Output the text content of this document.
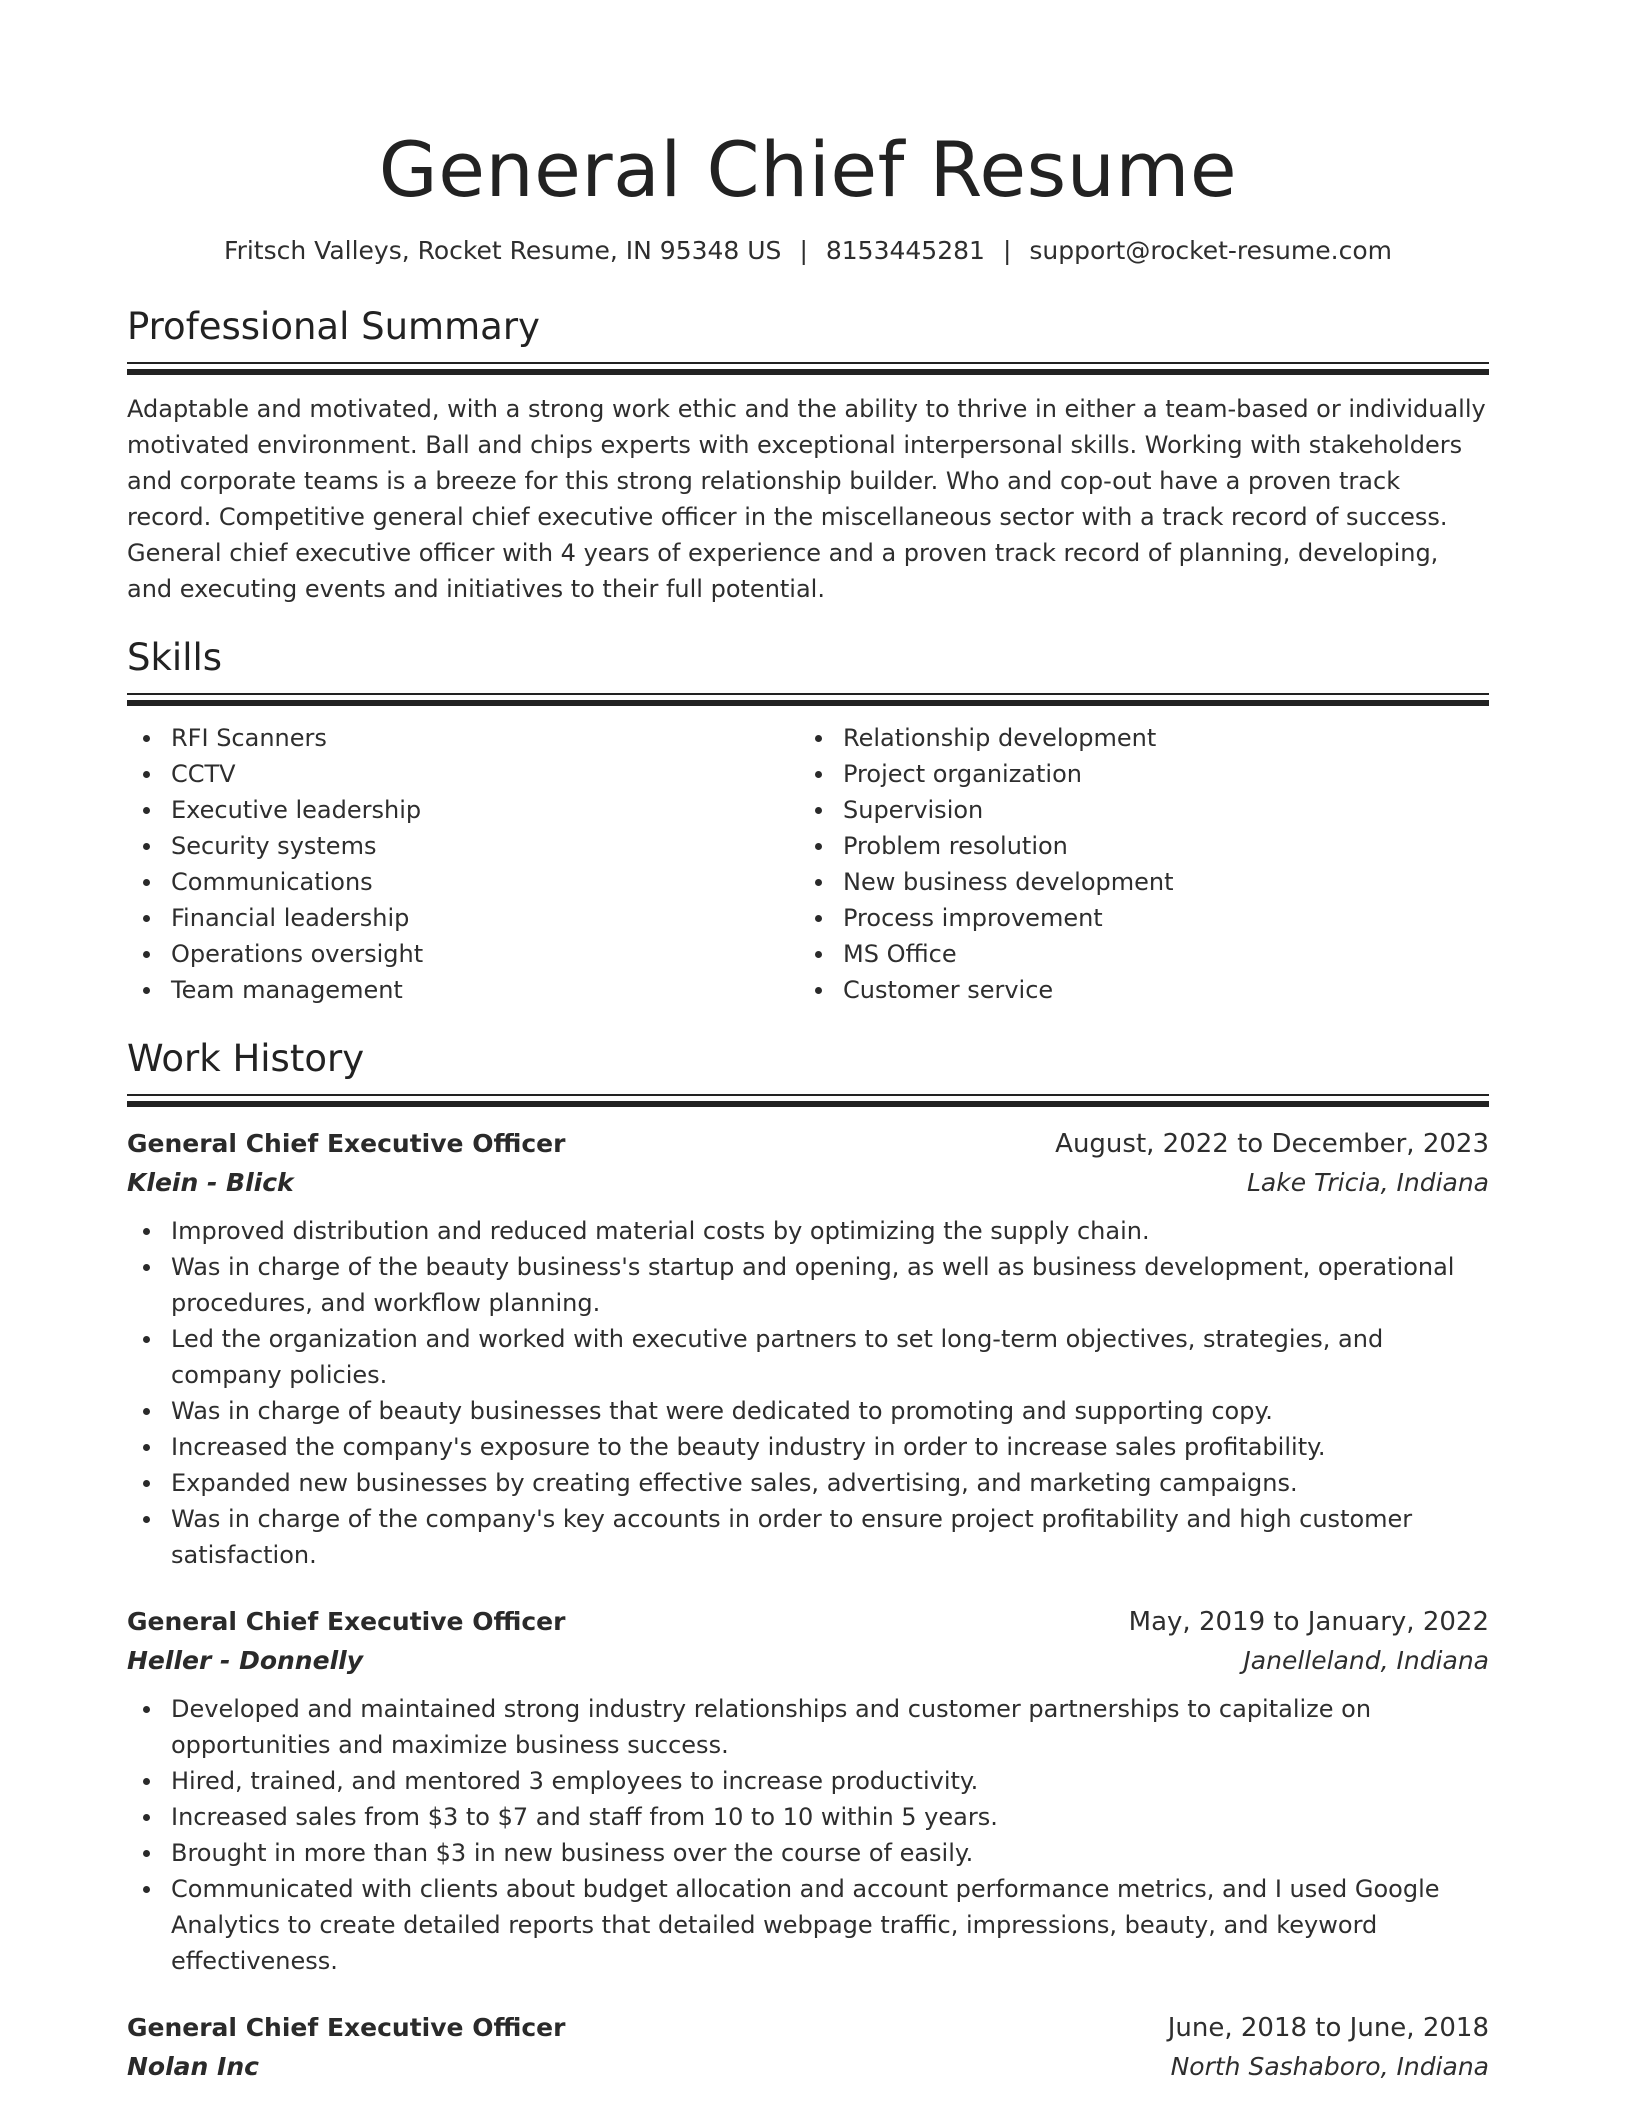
General Chief Resume
Fritsch Valleys, Rocket Resume, IN 95348 US | 8153445281 | support@rocket-resume.com
Professional Summary

Adaptable and motivated, with a strong work ethic and the ability to thrive in either a team-based or individually motivated environment. Ball and chips experts with exceptional interpersonal skills. Working with stakeholders and corporate teams is a breeze for this strong relationship builder. Who and cop-out have a proven track record. Competitive general chief executive officer in the miscellaneous sector with a track record of success. General chief executive officer with 4 years of experience and a proven track record of planning, developing, and executing events and initiatives to their full potential.

Skills
RFI Scanners
CCTV
Executive leadership
Security systems
Communications
Financial leadership
Operations oversight
Team management
Relationship development
Project organization
Supervision
Problem resolution
New business development
Process improvement
MS Office
Customer service
Work History
General Chief Executive Officer	August, 2022 to December, 2023
Klein - Blick	Lake Tricia, Indiana
Improved distribution and reduced material costs by optimizing the supply chain.
Was in charge of the beauty business's startup and opening, as well as business development, operational procedures, and workflow planning.
Led the organization and worked with executive partners to set long-term objectives, strategies, and company policies.
Was in charge of beauty businesses that were dedicated to promoting and supporting copy.
Increased the company's exposure to the beauty industry in order to increase sales profitability.
Expanded new businesses by creating effective sales, advertising, and marketing campaigns.
Was in charge of the company's key accounts in order to ensure project profitability and high customer satisfaction.
General Chief Executive Officer	May, 2019 to January, 2022
Heller - Donnelly	Janelleland, Indiana
Developed and maintained strong industry relationships and customer partnerships to capitalize on opportunities and maximize business success.
Hired, trained, and mentored 3 employees to increase productivity.
Increased sales from $3 to $7 and staff from 10 to 10 within 5 years.
Brought in more than $3 in new business over the course of easily.
Communicated with clients about budget allocation and account performance metrics, and I used Google Analytics to create detailed reports that detailed webpage traffic, impressions, beauty, and keyword effectiveness.
General Chief Executive Officer	June, 2018 to June, 2018
Nolan Inc	North Sashaboro, Indiana
